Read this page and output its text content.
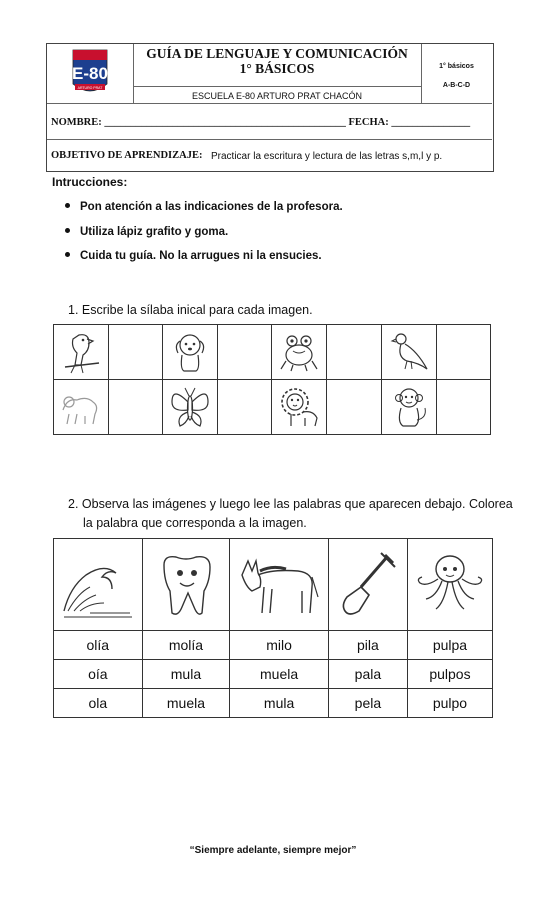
E-80
ARTURO PRAT
GUÍA DE LENGUAJE Y COMUNICACIÓN
1° BÁSICOS
ESCUELA E-80 ARTURO PRAT CHACÓN
1° básicos
A-B-C-D
NOMBRE: ______________________________________________ FECHA: _______________
OBJETIVO DE APRENDIZAJE: Practicar la escritura y lectura de las letras s,m,l y p.
Intrucciones:
Pon atención a las indicaciones de la profesora.
Utiliza lápiz grafito y goma.
Cuida tu guía. No la arrugues ni la ensucies.
1. Escribe la sílaba inical para cada imagen.

2. Observa las imágenes y luego lee las palabras que aparecen debajo. Colorea
la palabra que corresponda a la imagen.

olía	molía	milo	pila	pulpa
oía	mula	muela	pala	pulpos
ola	muela	mula	pela	pulpo
“Siempre adelante, siempre mejor”
